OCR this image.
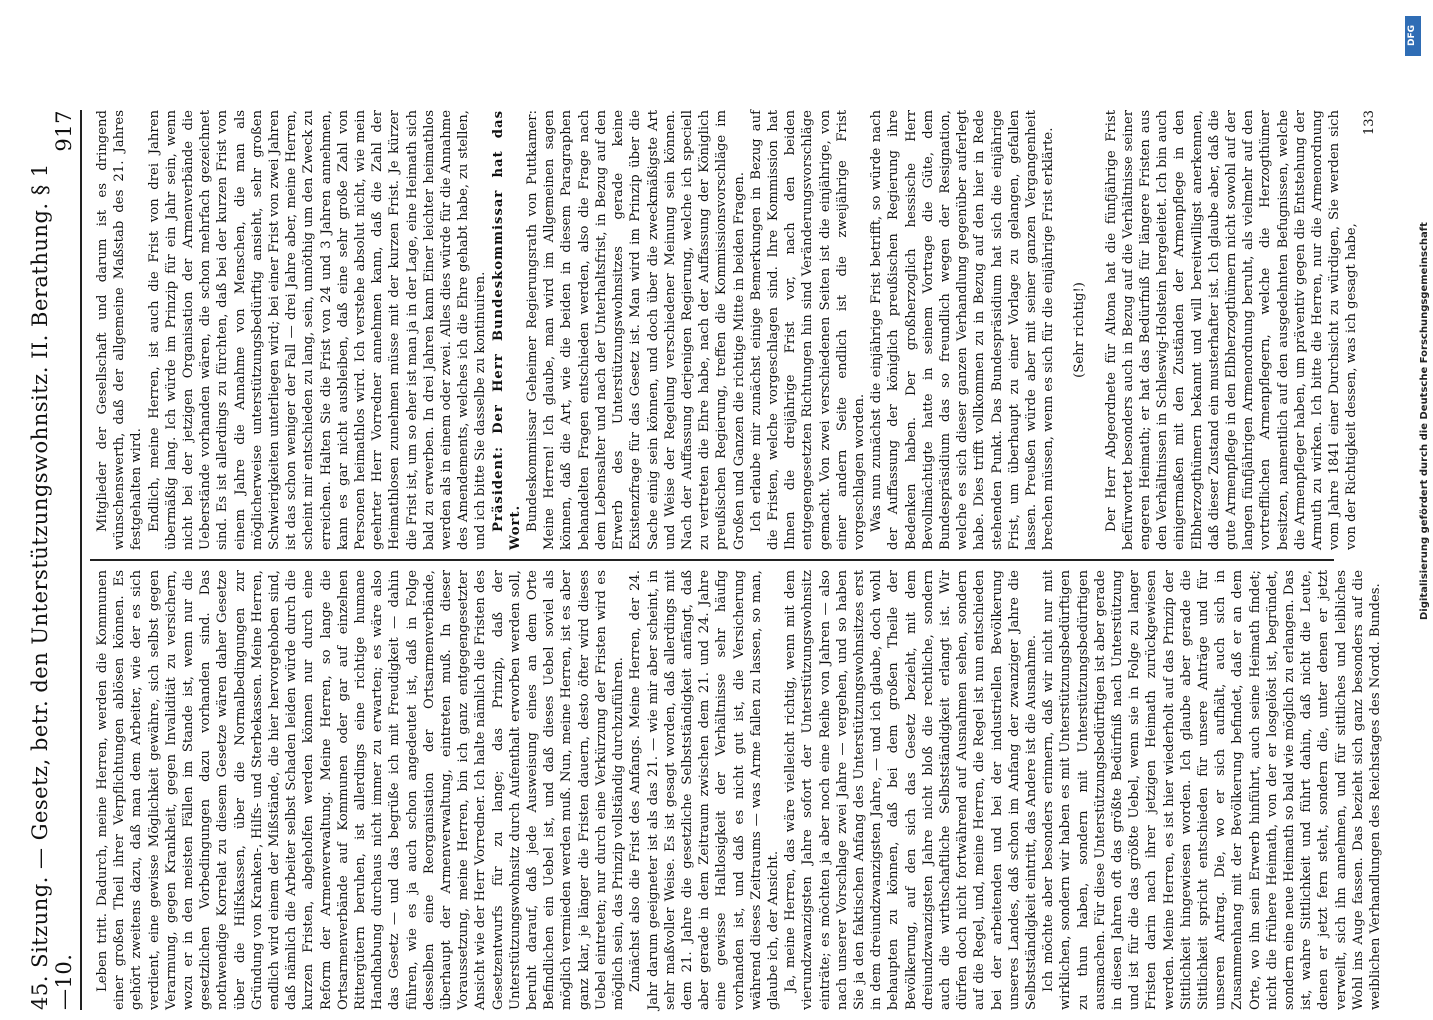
45. Sitzung. — Gesetz, betr. den Unterstützungswohnsitz. II. Berathung. § 1—10.
917

Leben tritt. Dadurch, meine Herren, werden die Kommunen einer großen Theil ihrer Verpflichtungen ablösen können. Es gehört zweitens dazu, daß man dem Arbeiter, wie der es sich verdient, eine gewisse Möglichkeit gewähre, sich selbst gegen Verarmung, gegen Krankheit, gegen Invalidität zu versichern, wozu er in den meisten Fällen im Stande ist, wenn nur die gesetzlichen Vorbedingungen dazu vorhanden sind. Das nothwendige Korrelat zu diesem Gesetze wären daher Gesetze über die Hilfskassen, über die Normalbedingungen zur Gründung von Kranken-, Hilfs- und Sterbekassen. Meine Herren, endlich wird einem der Mißstände, die hier hervorgehoben sind, daß nämlich die Arbeiter selbst Schaden leiden würde durch die kurzen Fristen, abgeholfen werden können nur durch eine Reform der Armenverwaltung. Meine Herren, so lange die Ortsarmenverbände auf Kommunen oder gar auf einzelnen Rittergütern beruhen, ist allerdings eine richtige humane Handhabung durchaus nicht immer zu erwarten; es wäre also das Gesetz — und das begrüße ich mit Freudigkeit — dahin führen, wie es ja auch schon angedeutet ist, daß in Folge desselben eine Reorganisation der Ortsarmenverbände, überhaupt der Armenverwaltung, eintreten muß. In dieser Voraussetzung, meine Herren, bin ich ganz entgegengesetzter Ansicht wie der Herr Vorredner. Ich halte nämlich die Fristen des Gesetzentwurfs für zu lange; das Prinzip, daß der Unterstützungswohnsitz durch Aufenthalt erworben werden soll, beruht darauf, daß jede Ausweisung eines an dem Orte Befindlichen ein Uebel ist, und daß dieses Uebel soviel als möglich vermieden werden muß. Nun, meine Herren, ist es aber ganz klar, je länger die Fristen dauern, desto öfter wird dieses Uebel eintreten; nur durch eine Verkürzung der Fristen wird es möglich sein, das Prinzip vollständig durchzuführen. Zunächst also die Frist des Anfangs. Meine Herren, der 24. Jahr darum geeigneter ist als das 21. — wie mir aber scheint, in sehr maßvoller Weise. Es ist gesagt worden, daß allerdings mit dem 21. Jahre die gesetzliche Selbstständigkeit anfängt, daß aber gerade in dem Zeitraum zwischen dem 21. und 24. Jahre eine gewisse Haltlosigkeit der Verhältnisse sehr häufig vorhanden ist, und daß es nicht gut ist, die Versicherung während dieses Zeitraums — was Arme fallen zu lassen, so man, glaube ich, der Ansicht. Ja, meine Herren, das wäre vielleicht richtig, wenn mit dem vierundzwanzigsten Jahre sofort der Unterstützungswohnsitz einträte; es möchten ja aber noch eine Reihe von Jahren — also nach unserer Vorschlage zwei Jahre — vergehen, und so haben Sie ja den faktischen Anfang des Unterstützungswohnsitzes erst in dem dreiundzwanzigsten Jahre, — und ich glaube, doch wohl behaupten zu können, daß bei dem großen Theile der Bevölkerung, auf den sich das Gesetz bezieht, mit dem dreiundzwanzigsten Jahre nicht bloß die rechtliche, sondern auch die wirthschaftliche Selbstständigkeit erlangt ist. Wir dürfen doch nicht fortwährend auf Ausnahmen sehen, sondern auf die Regel, und, meine Herren, die Regel ist nun entschieden bei der arbeitenden und bei der industriellen Bevölkerung unseres Landes, daß schon im Anfang der zwanziger Jahre die Selbstständigkeit eintritt, das Andere ist die Ausnahme. Ich möchte aber besonders erinnern, daß wir nicht nur mit wirklichen, sondern wir haben es mit Unterstützungsbedürftigen zu thun haben, sondern mit Unterstützungsbedürftigen ausmachen. Für diese Unterstützungsbedürftigen ist aber gerade in diesen Jahren oft das größte Bedürfniß nach Unterstützung und ist für die das größte Uebel, wenn sie in Folge zu langer Fristen darin nach ihrer jetzigen Heimath zurückgewiesen werden. Meine Herren, es ist hier wiederholt auf das Prinzip der Sittlichkeit hingewiesen worden. Ich glaube aber gerade die Sittlichkeit spricht entschieden für unsere Anträge und für unseren Antrag. Die, wo er sich aufhält, auch sich in Zusammenhang mit der Bevölkerung befindet, daß er an dem Orte, wo ihn sein Erwerb hinführt, auch seine Heimath findet; nicht die frühere Heimath, von der er losgelöst ist, begründet, sondern eine neue Heimath so bald wie möglich zu erlangen. Das ist, wahre Sittlichkeit und führt dahin, daß nicht die Leute, denen er jetzt fern steht, sondern die, unter denen er jetzt verweilt, sich ihn annehmen, und für sittliches und leibliches Wohl ins Auge fassen. Das bezieht sich ganz besonders auf die weiblichen Verhandlungen des Reichstages des Nordd. Bundes.

Mitglieder der Gesellschaft und darum ist es dringend wünschenswerth, daß der allgemeine Maßstab des 21. Jahres festgehalten wird. Endlich, meine Herren, ist auch die Frist von drei Jahren übermäßig lang. Ich würde im Prinzip für ein Jahr sein, wenn nicht bei der jetzigen Organisation der Armenverbände die Ueberstände vorhanden wären, die schon mehrfach gezeichnet sind. Es ist allerdings zu fürchten, daß bei der kurzen Frist von einem Jahre die Annahme von Menschen, die man als möglicherweise unterstützungsbedürftig ansieht, sehr großen Schwierigkeiten unterliegen wird; bei einer Frist von zwei Jahren ist das schon weniger der Fall — drei Jahre aber, meine Herren, scheint mir entschieden zu lang, sein, unnöthig um den Zweck zu erreichen. Halten Sie die Frist von 24 und 3 Jahren annehmen, kann es gar nicht ausbleiben, daß eine sehr große Zahl von Personen heimathlos wird. Ich verstehe absolut nicht, wie mein geehrter Herr Vorredner annehmen kann, daß die Zahl der Heimathlosen zunehmen müsse mit der kurzen Frist. Je kürzer die Frist ist, um so eher ist man ja in der Lage, eine Heimath sich bald zu erwerben. In drei Jahren kann Einer leichter heimathlos werden als in einem oder zwei. Alles dies würde für die Annahme des Amendements, welches ich die Ehre gehabt habe, zu stellen, und ich bitte Sie dasselbe zu kontinuiren. Präsident: Der Herr Bundeskommissar hat das Wort. Bundeskommissar Geheimer Regierungsrath von Puttkamer: Meine Herren! Ich glaube, man wird im Allgemeinen sagen können, daß die Art, wie die beiden in diesem Paragraphen behandelten Fragen entschieden werden, also die Frage nach dem Lebensalter und nach der Unterhaltsfrist, in Bezug auf den Erwerb des Unterstützungswohnsitzes gerade keine Existenzfrage für das Gesetz ist. Man wird im Prinzip über die Sache einig sein können, und doch über die zweckmäßigste Art und Weise der Regelung verschiedener Meinung sein können. Nach der Auffassung derjenigen Regierung, welche ich speciell zu vertreten die Ehre habe, nach der Auffassung der Königlich preußischen Regierung, treffen die Kommissionsvorschläge im Großen und Ganzen die richtige Mitte in beiden Fragen. Ich erlaube mir zunächst einige Bemerkungen in Bezug auf die Fristen, welche vorgeschlagen sind. Ihre Kommission hat Ihnen die dreijährige Frist vor, nach den beiden entgegengesetzten Richtungen hin sind Veränderungsvorschläge gemacht. Von zwei verschiedenen Seiten ist die einjährige, von einer andern Seite endlich ist die zweijährige Frist vorgeschlagen worden. Was nun zunächst die einjährige Frist betrifft, so würde nach der Auffassung der königlich preußischen Regierung ihre Bedenken haben. Der großherzoglich hessische Herr Bevollmächtigte hatte in seinem Vortrage die Güte, dem Bundespräsidium das so freundlich wegen der Resignation, welche es sich dieser ganzen Verhandlung gegenüber auferlegt habe. Dies trifft vollkommen zu in Bezug auf den hier in Rede stehenden Punkt. Das Bundespräsidium hat sich die einjährige Frist, um überhaupt zu einer Vorlage zu gelangen, gefallen lassen. Preußen würde aber mit seiner ganzen Vergangenheit brechen müssen, wenn es sich für die einjährige Frist erklärte. (Sehr richtig!) Der Herr Abgeordnete für Altona hat die fünfjährige Frist befürwortet besonders auch in Bezug auf die Verhältnisse seiner engeren Heimath; er hat das Bedürfniß für längere Fristen aus den Verhältnissen in Schleswig-Holstein hergeleitet. Ich bin auch einigermaßen mit den Zuständen der Armenpflege in den Elbherzogthümern bekannt und will bereitwilligst anerkennen, daß dieser Zustand ein musterhafter ist. Ich glaube aber, daß die gute Armenpflege in den Elbherzogthümern nicht sowohl auf der langen fünfjährigen Armenordnung beruht, als vielmehr auf den vortrefflichen Armenpflegern, welche die Herzogthümer besitzen, namentlich auf den ausgedehnten Befugnissen, welche die Armenpfleger haben, um präventiv gegen die Entstehung der Armuth zu wirken. Ich bitte die Herren, nur die Armenordnung vom Jahre 1841 einer Durchsicht zu würdigen, Sie werden sich von der Richtigkeit dessen, was ich gesagt habe,

133

DFG
Digitalisierung gefördert durch die Deutsche Forschungsgemeinschaft
